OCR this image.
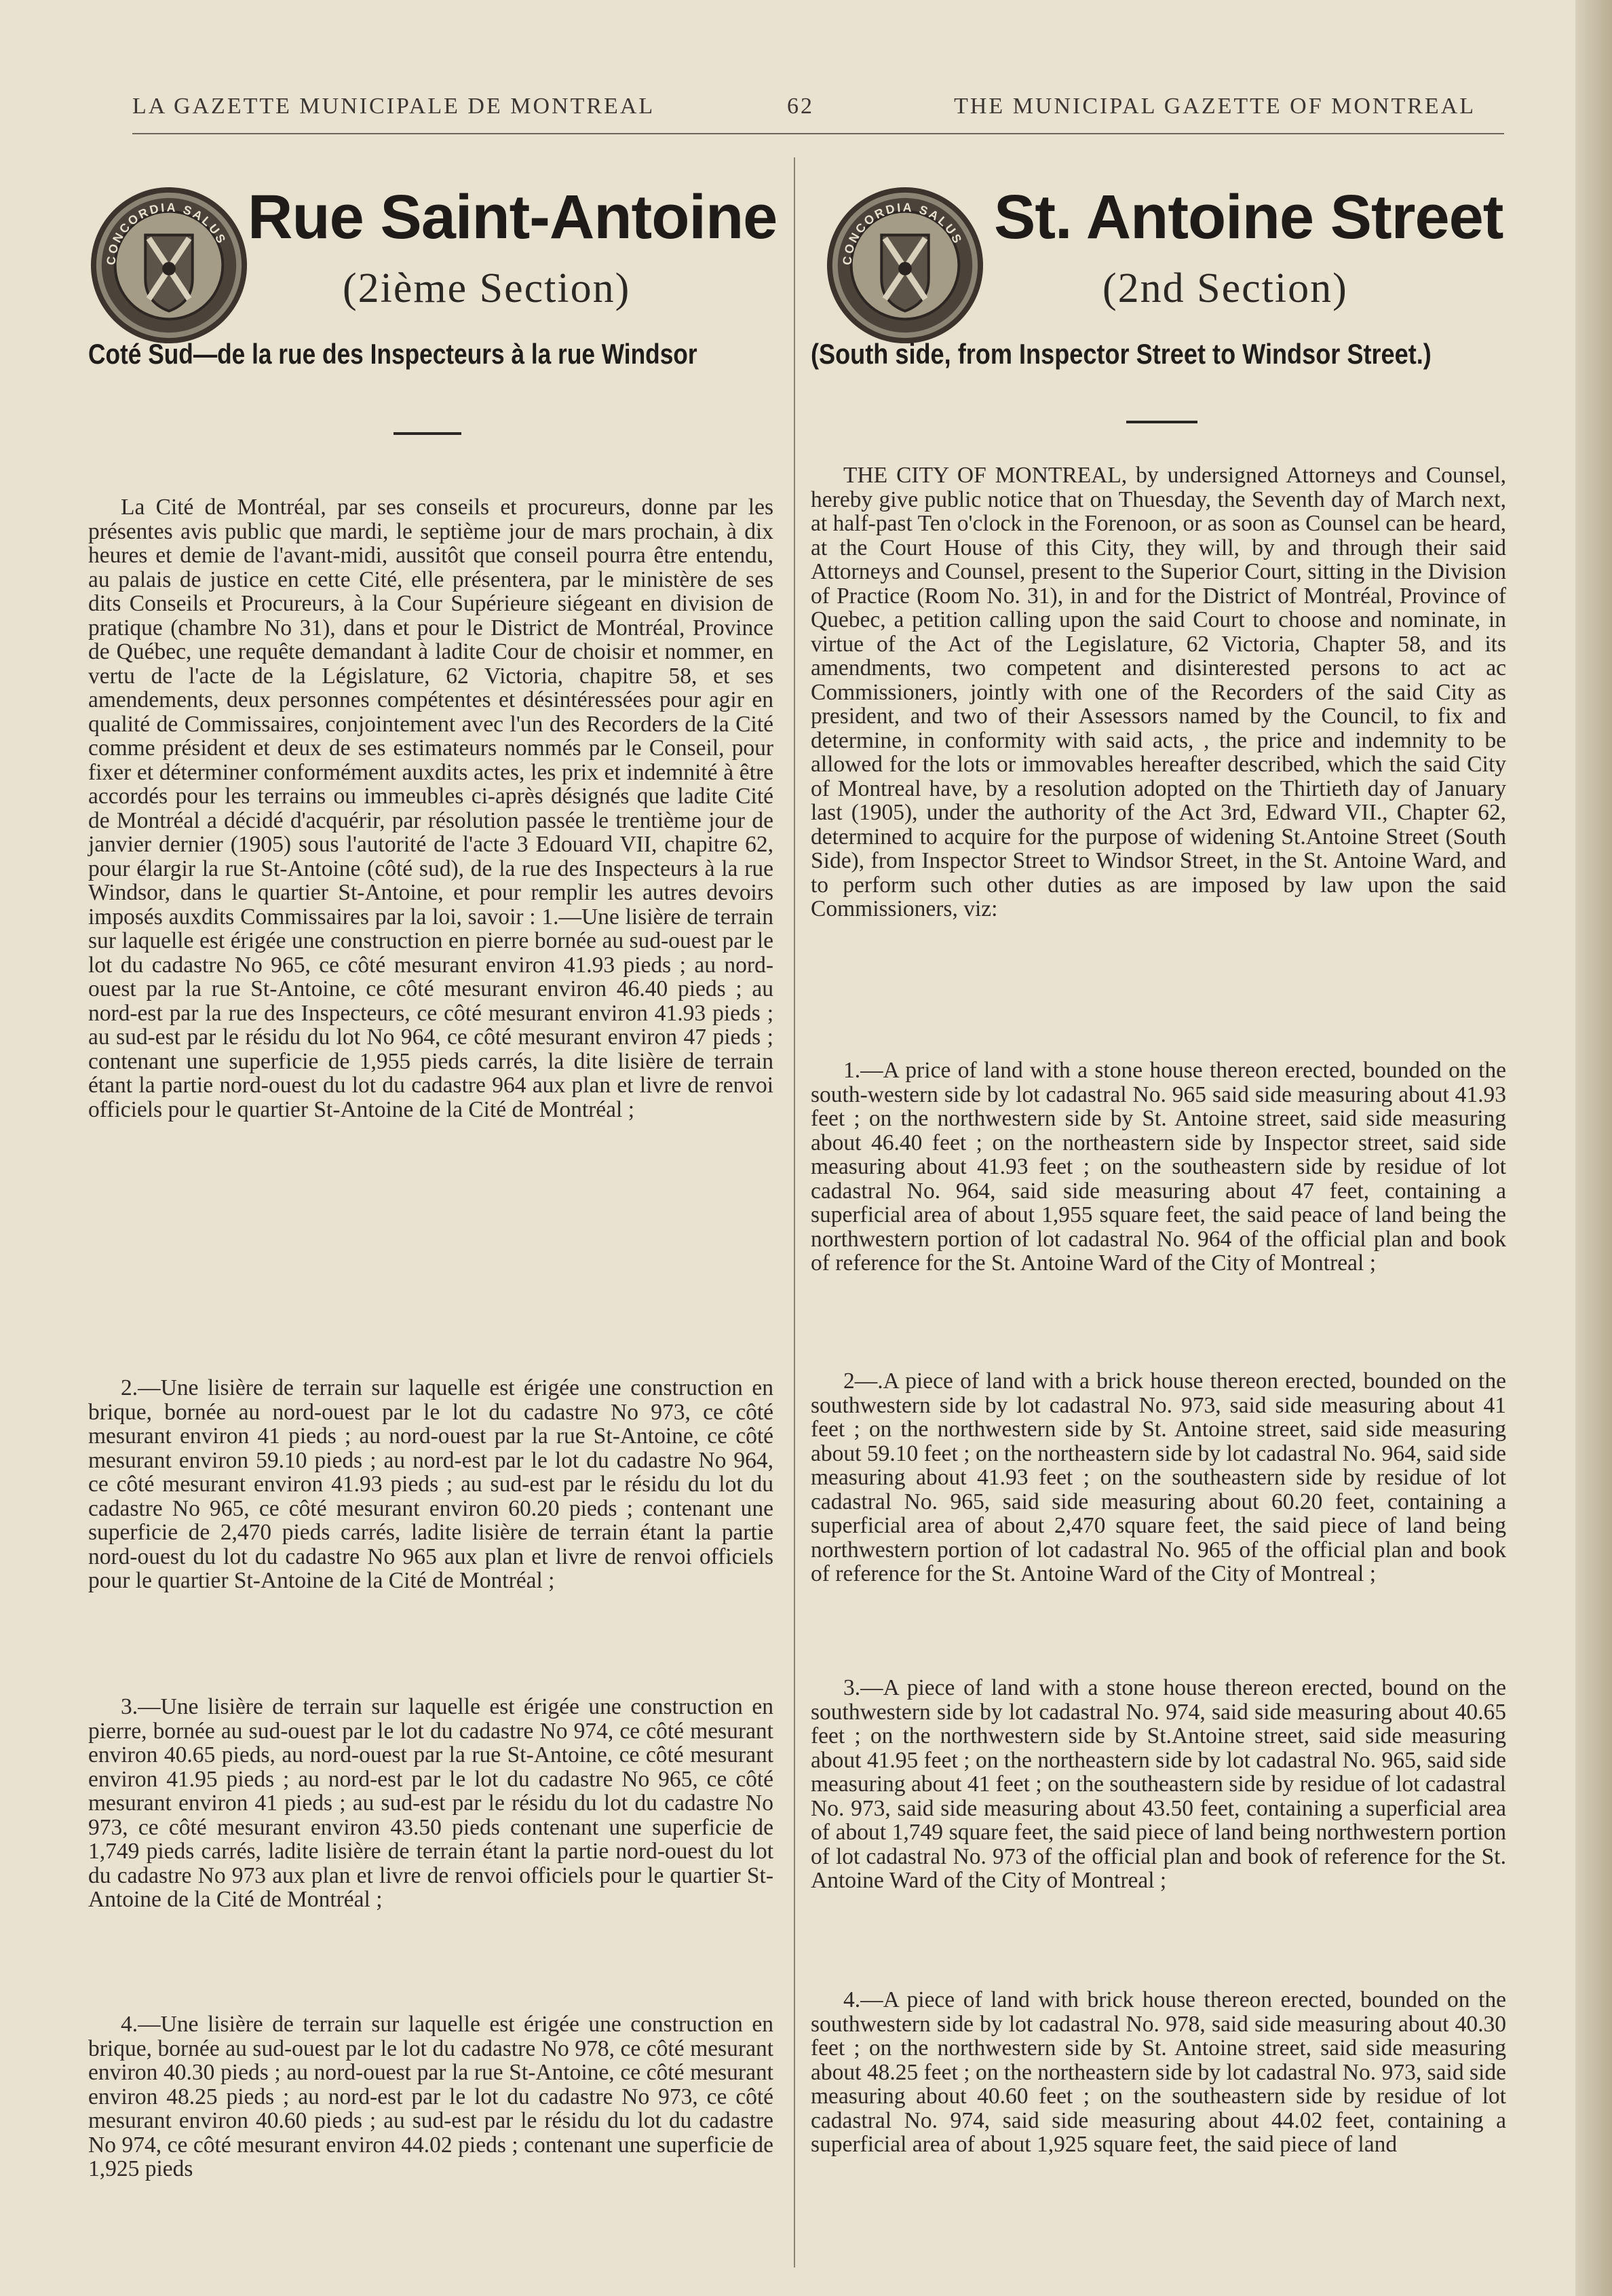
LA GAZETTE MUNICIPALE DE MONTREAL	62	THE MUNICIPAL GAZETTE OF MONTREAL
CONCORDIA SALUS Rue Saint-Antoine
(2ième Section)
Coté Sud—de la rue des Inspecteurs à la rue Windsor

La Cité de Montréal, par ses conseils et procureurs, donne par les présentes avis public que mardi, le septième jour de mars prochain, à dix heures et demie de l'avant-midi, aussitôt que conseil pourra être entendu, au palais de justice en cette Cité, elle présentera, par le ministère de ses dits Conseils et Procureurs, à la Cour Supérieure siégeant en division de pratique (chambre No 31), dans et pour le District de Montréal, Province de Québec, une requête demandant à ladite Cour de choisir et nommer, en vertu de l'acte de la Législature, 62 Victoria, chapitre 58, et ses amendements, deux personnes compétentes et désintéressées pour agir en qualité de Commissaires, conjointement avec l'un des Recorders de la Cité comme président et deux de ses estimateurs nommés par le Conseil, pour fixer et déterminer conformément auxdits actes, les prix et indemnité à être accordés pour les terrains ou immeubles ci-après désignés que ladite Cité de Montréal a décidé d'acquérir, par résolution passée le trentième jour de janvier dernier (1905) sous l'autorité de l'acte 3 Edouard VII, chapitre 62, pour élargir la rue St-Antoine (côté sud), de la rue des Inspecteurs à la rue Windsor, dans le quartier St-Antoine, et pour remplir les autres devoirs imposés auxdits Commissaires par la loi, savoir : 1.—Une lisière de terrain sur laquelle est érigée une construction en pierre bornée au sud-ouest par le lot du cadastre No 965, ce côté mesurant environ 41.93 pieds ; au nord-ouest par la rue St-Antoine, ce côté mesurant environ 46.40 pieds ; au nord-est par la rue des Inspecteurs, ce côté mesurant environ 41.93 pieds ; au sud-est par le résidu du lot No 964, ce côté mesurant environ 47 pieds ; contenant une superficie de 1,955 pieds carrés, la dite lisière de terrain étant la partie nord-ouest du lot du cadastre 964 aux plan et livre de renvoi officiels pour le quartier St-Antoine de la Cité de Montréal ;

2.—Une lisière de terrain sur laquelle est érigée une construction en brique, bornée au nord-ouest par le lot du cadastre No 973, ce côté mesurant environ 41 pieds ; au nord-ouest par la rue St-Antoine, ce côté mesurant environ 59.10 pieds ; au nord-est par le lot du cadastre No 964, ce côté mesurant environ 41.93 pieds ; au sud-est par le résidu du lot du cadastre No 965, ce côté mesurant environ 60.20 pieds ; contenant une superficie de 2,470 pieds carrés, ladite lisière de terrain étant la partie nord-ouest du lot du cadastre No 965 aux plan et livre de renvoi officiels pour le quartier St-Antoine de la Cité de Montréal ;

3.—Une lisière de terrain sur laquelle est érigée une construction en pierre, bornée au sud-ouest par le lot du cadastre No 974, ce côté mesurant environ 40.65 pieds, au nord-ouest par la rue St-Antoine, ce côté mesurant environ 41.95 pieds ; au nord-est par le lot du cadastre No 965, ce côté mesurant environ 41 pieds ; au sud-est par le résidu du lot du cadastre No 973, ce côté mesurant environ 43.50 pieds contenant une superficie de 1,749 pieds carrés, ladite lisière de terrain étant la partie nord-ouest du lot du cadastre No 973 aux plan et livre de renvoi officiels pour le quartier St-Antoine de la Cité de Montréal ;

4.—Une lisière de terrain sur laquelle est érigée une construction en brique, bornée au sud-ouest par le lot du cadastre No 978, ce côté mesurant environ 40.30 pieds ; au nord-ouest par la rue St-Antoine, ce côté mesurant environ 48.25 pieds ; au nord-est par le lot du cadastre No 973, ce côté mesurant environ 40.60 pieds ; au sud-est par le résidu du lot du cadastre No 974, ce côté mesurant environ 44.02 pieds ; contenant une superficie de 1,925 pieds

CONCORDIA SALUS St. Antoine Street
(2nd Section)
(South side, from Inspector Street to Windsor Street.)

THE CITY OF MONTREAL, by undersigned Attorneys and Counsel, hereby give public notice that on Thuesday, the Seventh day of March next, at half-past Ten o'clock in the Forenoon, or as soon as Counsel can be heard, at the Court House of this City, they will, by and through their said Attorneys and Counsel, present to the Superior Court, sitting in the Division of Practice (Room No. 31), in and for the District of Montréal, Province of Quebec, a petition calling upon the said Court to choose and nominate, in virtue of the Act of the Legislature, 62 Victoria, Chapter 58, and its amendments, two competent and disinterested persons to act ac Commissioners, jointly with one of the Recorders of the said City as president, and two of their Assessors named by the Council, to fix and determine, in conformity with said acts, , the price and indemnity to be allowed for the lots or immovables hereafter described, which the said City of Montreal have, by a resolution adopted on the Thirtieth day of January last (1905), under the authority of the Act 3rd, Edward VII., Chapter 62, determined to acquire for the purpose of widening St.Antoine Street (South Side), from Inspector Street to Windsor Street, in the St. Antoine Ward, and to perform such other duties as are imposed by law upon the said Commissioners, viz:

1.—A price of land with a stone house thereon erected, bounded on the south-western side by lot cadastral No. 965 said side measuring about 41.93 feet ; on the northwestern side by St. Antoine street, said side measuring about 46.40 feet ; on the northeastern side by Inspector street, said side measuring about 41.93 feet ; on the southeastern side by residue of lot cadastral No. 964, said side measuring about 47 feet, containing a superficial area of about 1,955 square feet, the said peace of land being the northwestern portion of lot cadastral No. 964 of the official plan and book of reference for the St. Antoine Ward of the City of Montreal ;

2—.A piece of land with a brick house thereon erected, bounded on the southwestern side by lot cadastral No. 973, said side measuring about 41 feet ; on the northwestern side by St. Antoine street, said side measuring about 59.10 feet ; on the northeastern side by lot cadastral No. 964, said side measuring about 41.93 feet ; on the southeastern side by residue of lot cadastral No. 965, said side measuring about 60.20 feet, containing a superficial area of about 2,470 square feet, the said piece of land being northwestern portion of lot cadastral No. 965 of the official plan and book of reference for the St. Antoine Ward of the City of Montreal ;

3.—A piece of land with a stone house thereon erected, bound on the southwestern side by lot cadastral No. 974, said side measuring about 40.65 feet ; on the northwestern side by St.Antoine street, said side measuring about 41.95 feet ; on the northeastern side by lot cadastral No. 965, said side measuring about 41 feet ; on the southeastern side by residue of lot cadastral No. 973, said side measuring about 43.50 feet, containing a superficial area of about 1,749 square feet, the said piece of land being northwestern portion of lot cadastral No. 973 of the official plan and book of reference for the St. Antoine Ward of the City of Montreal ;

4.—A piece of land with brick house thereon erected, bounded on the southwestern side by lot cadastral No. 978, said side measuring about 40.30 feet ; on the northwestern side by St. Antoine street, said side measuring about 48.25 feet ; on the northeastern side by lot cadastral No. 973, said side measuring about 40.60 feet ; on the southeastern side by residue of lot cadastral No. 974, said side measuring about 44.02 feet, containing a superficial area of about 1,925 square feet, the said piece of land
